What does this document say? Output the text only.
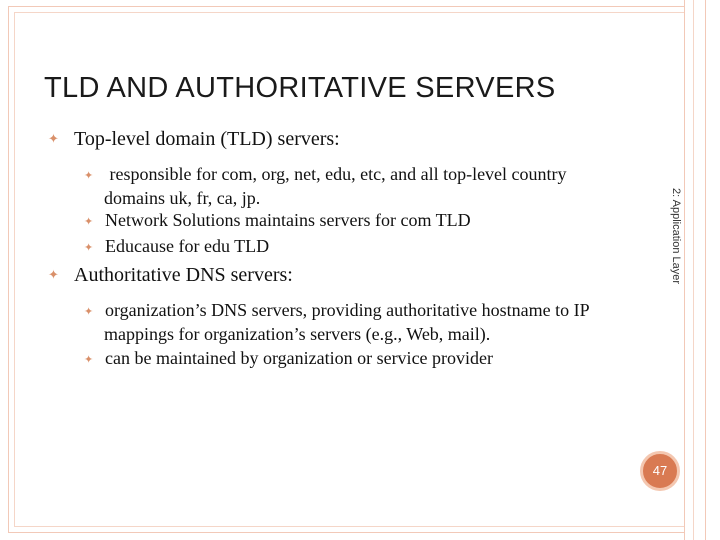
TLD AND AUTHORITATIVE SERVERS
2: Application Layer
✦ Top-level domain (TLD) servers:
✦ responsible for com, org, net, edu, etc, and all top-level country
domains uk, fr, ca, jp.
✦ Network Solutions maintains servers for com TLD
✦ Educause for edu TLD
✦ Authoritative DNS servers:
✦ organization’s DNS servers, providing authoritative hostname to IP
mappings for organization’s servers (e.g., Web, mail).
✦ can be maintained by organization or service provider
47
